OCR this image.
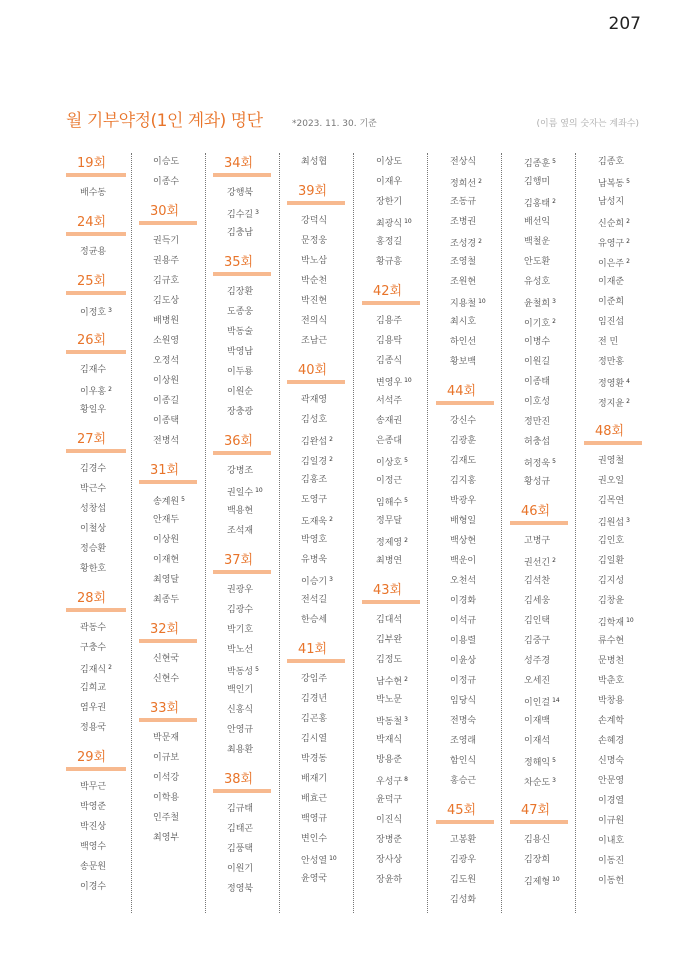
207
월 기부약정(1인 계좌) 명단	*2023. 11. 30. 기준	(이름 옆의 숫자는 계좌수)
19회
배수동
24회
정균용
25회
이정호 $^3$
26회
김재수
이우홍 $^2$
황일우
27회
김경수
박근수
성창섭
이철상
정승환
황한호
28회
곽동수
구충수
김재식 $^2$
김희교
염우권
정용국
29회
박무근
박영준
박진상
백영수
송문원
이경수
이승도
이종수
30회
권득기
권용주
김규호
김도상
배병원
소원영
오정석
이상원
이종길
이종택
전병석
31회
송계원 $^5$
안재두
이상원
이재현
최영달
최종두
32회
신현국
신현수
33회
박문재
이규보
이석강
이학용
인주철
최영부
34회
강행북
김수길 $^3$
김충남
35회
김장환
도종웅
박동술
박영남
이두룡
이원순
장충광
36회
강병조
권일수 $^{10}$
백용현
조석재
37회
권광우
김광수
박기호
박노선
박동성 $^5$
백인기
신홍식
안영규
최용환
38회
김규태
김태곤
김풍택
이원기
정영북
최성협
39회
강덕식
문정웅
박노삼
박순천
박진현
전의식
조남근
40회
곽재영
김성호
김완섭 $^2$
김일경 $^2$
김홍조
도영구
도재욱 $^2$
박영호
유병욱
이승기 $^3$
전석길
한승세
41회
강임주
김경년
김곤홍
김시열
박경동
배재기
배효근
백영규
변인수
안성열 $^{10}$
윤영국
이상도
이재우
장한기
최광식 $^{10}$
홍정길
황규흥
42회
김용주
김용탁
김종식
변영우 $^{10}$
서석주
송재권
은종대
이상호 $^5$
이정근
임해수 $^5$
정무달
정제영 $^2$
최병연
43회
김대석
김부완
김정도
남수현 $^2$
박노문
박동철 $^3$
박재식
방용준
우성구 $^8$
윤덕구
이진식
장병준
장사상
장윤하
전상식
정희선 $^2$
조동규
조병권
조성경 $^2$
조영철
조원현
지용철 $^{10}$
최시호
하인선
황보백
44회
강신수
김광훈
김재도
김지홍
박광우
배형일
백상현
백운이
오천석
이경화
이석규
이용렬
이윤상
이정규
임당식
전명숙
조영래
함인식
홍승근
45회
고봉환
김광우
김도원
김성화
김종훈 $^5$
김행미
김홍태 $^2$
배선익
백철운
안도환
유성호
윤철희 $^3$
이기호 $^2$
이병수
이원길
이종태
이호성
정만진
허충섭
허정욱 $^5$
황성규
46회
고병구
권선긴 $^2$
김석찬
김세웅
김인택
김중구
성주경
오세진
이인걸 $^{14}$
이재백
이재석
정해익 $^5$
차순도 $^3$
47회
김용신
김장희
김제형 $^{10}$
김종호
남복동 $^5$
남성지
신순희 $^2$
유영구 $^2$
이은주 $^2$
이재준
이준희
임진섭
전 민
정만홍
정영환 $^4$
정지윤 $^2$
48회
권영철
권오일
김목연
김원섭 $^3$
김인호
김일환
김지성
김창윤
김학재 $^{10}$
류수현
문병천
박춘호
박창용
손계학
손혜경
신명숙
안문영
이경열
이규원
이내호
이동진
이동헌
